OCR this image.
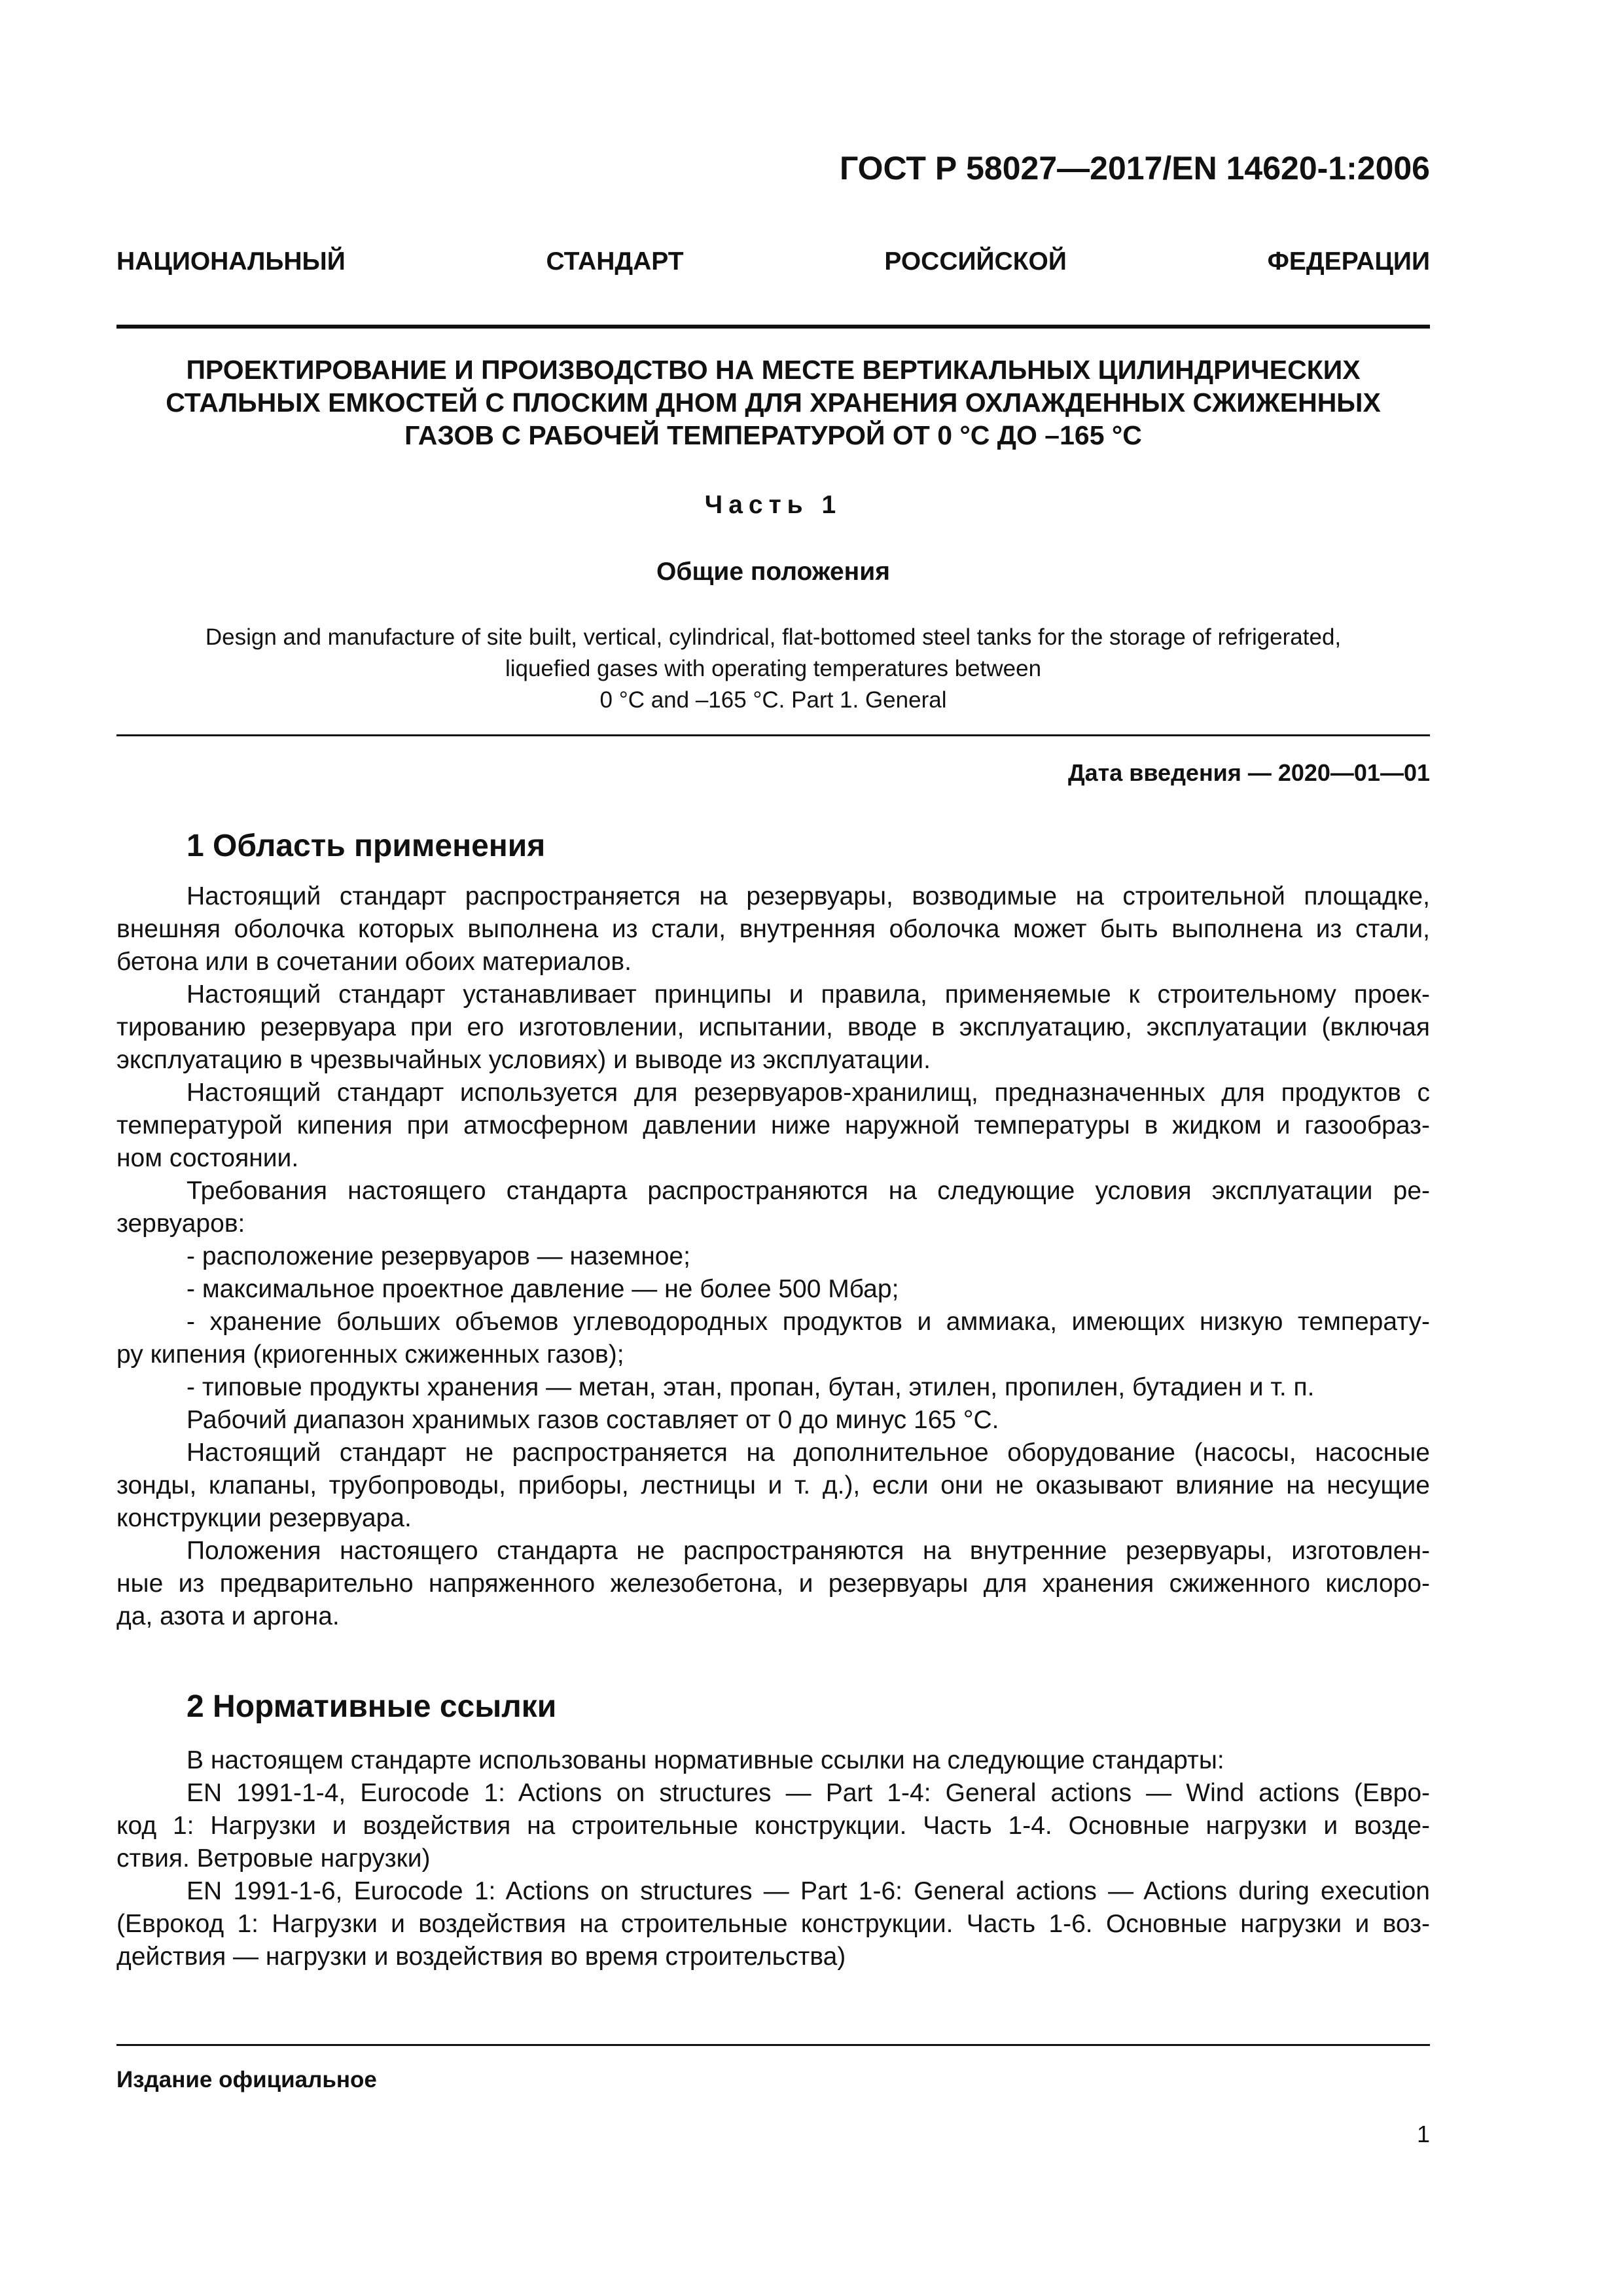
ГОСТ Р 58027—2017/EN 14620-1:2006
НАЦИОНАЛЬНЫЙ СТАНДАРТ РОССИЙСКОЙ ФЕДЕРАЦИИ
ПРОЕКТИРОВАНИЕ И ПРОИЗВОДСТВО НА МЕСТЕ ВЕРТИКАЛЬНЫХ ЦИЛИНДРИЧЕСКИХ
СТАЛЬНЫХ ЕМКОСТЕЙ С ПЛОСКИМ ДНОМ ДЛЯ ХРАНЕНИЯ ОХЛАЖДЕННЫХ СЖИЖЕННЫХ
ГАЗОВ С РАБОЧЕЙ ТЕМПЕРАТУРОЙ ОТ 0 °С ДО –165 °С
Часть 1
Общие положения
Design and manufacture of site built, vertical, cylindrical, flat-bottomed steel tanks for the storage of refrigerated,
liquefied gases with operating temperatures between
0 °C and –165 °C. Part 1. General
Дата введения — 2020—01—01
1 Область применения
Настоящий стандарт распространяется на резервуары, возводимые на строительной площадке,
внешняя оболочка которых выполнена из стали, внутренняя оболочка может быть выполнена из стали,
бетона или в сочетании обоих материалов.
Настоящий стандарт устанавливает принципы и правила, применяемые к строительному проек-
тированию резервуара при его изготовлении, испытании, вводе в эксплуатацию, эксплуатации (включая
эксплуатацию в чрезвычайных условиях) и выводе из эксплуатации.
Настоящий стандарт используется для резервуаров-хранилищ, предназначенных для продуктов с
температурой кипения при атмосферном давлении ниже наружной температуры в жидком и газообраз-
ном состоянии.
Требования настоящего стандарта распространяются на следующие условия эксплуатации ре-
зервуаров:
- расположение резервуаров — наземное;
- максимальное проектное давление — не более 500 Мбар;
- хранение больших объемов углеводородных продуктов и аммиака, имеющих низкую температу-
ру кипения (криогенных сжиженных газов);
- типовые продукты хранения — метан, этан, пропан, бутан, этилен, пропилен, бутадиен и т. п.
Рабочий диапазон хранимых газов составляет от 0 до минус 165 °С.
Настоящий стандарт не распространяется на дополнительное оборудование (насосы, насосные
зонды, клапаны, трубопроводы, приборы, лестницы и т. д.), если они не оказывают влияние на несущие
конструкции резервуара.
Положения настоящего стандарта не распространяются на внутренние резервуары, изготовлен-
ные из предварительно напряженного железобетона, и резервуары для хранения сжиженного кислоро-
да, азота и аргона.
2 Нормативные ссылки
В настоящем стандарте использованы нормативные ссылки на следующие стандарты:
EN 1991-1-4, Eurocode 1: Actions on structures — Part 1-4: General actions — Wind actions (Евро-
код 1: Нагрузки и воздействия на строительные конструкции. Часть 1-4. Основные нагрузки и возде-
ствия. Ветровые нагрузки)
EN 1991-1-6, Eurocode 1: Actions on structures — Part 1-6: General actions — Actions during execution
(Еврокод 1: Нагрузки и воздействия на строительные конструкции. Часть 1-6. Основные нагрузки и воз-
действия — нагрузки и воздействия во время строительства)
Издание официальное
1
